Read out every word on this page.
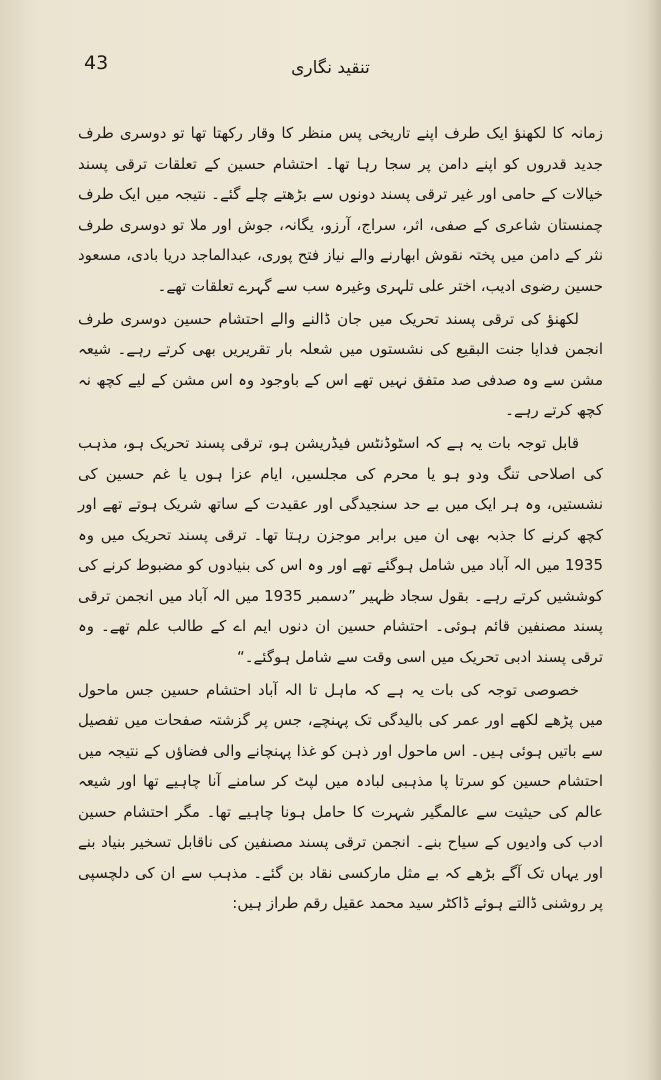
43	تنقید نگاری

زمانہ کا لکھنؤ ایک طرف اپنے تاریخی پس منظر کا وقار رکھتا تھا تو دوسری طرف جدید قدروں کو اپنے دامن پر سجا رہا تھا۔ احتشام حسین کے تعلقات ترقی پسند خیالات کے حامی اور غیر ترقی پسند دونوں سے بڑھتے چلے گئے۔ نتیجہ میں ایک طرف چمنستان شاعری کے صفی، اثر، سراج، آرزو، یگانہ، جوش اور ملا تو دوسری طرف نثر کے دامن میں پختہ نقوش ابھارنے والے نیاز فتح پوری، عبدالماجد دریا بادی، مسعود حسین رضوی ادیب، اختر علی تلہری وغیرہ سب سے گہرے تعلقات تھے۔

لکھنؤ کی ترقی پسند تحریک میں جان ڈالنے والے احتشام حسین دوسری طرف انجمن فدایا جنت البقیع کی نشستوں میں شعلہ بار تقریریں بھی کرتے رہے۔ شیعہ مشن سے وہ صدفی صد متفق نہیں تھے اس کے باوجود وہ اس مشن کے لیے کچھ نہ کچھ کرتے رہے۔

قابل توجہ بات یہ ہے کہ اسٹوڈنٹس فیڈریشن ہو، ترقی پسند تحریک ہو، مذہب کی اصلاحی تنگ ودو ہو یا محرم کی مجلسیں، ایام عزا ہوں یا غم حسین کی نشستیں، وہ ہر ایک میں بے حد سنجیدگی اور عقیدت کے ساتھ شریک ہوتے تھے اور کچھ کرنے کا جذبہ بھی ان میں برابر موجزن رہتا تھا۔ ترقی پسند تحریک میں وہ 1935 میں الہ آباد میں شامل ہوگئے تھے اور وہ اس کی بنیادوں کو مضبوط کرنے کی کوششیں کرتے رہے۔ بقول سجاد ظہیر ”دسمبر 1935 میں الہ آباد میں انجمن ترقی پسند مصنفین قائم ہوئی۔ احتشام حسین ان دنوں ایم اے کے طالب علم تھے۔ وہ ترقی پسند ادبی تحریک میں اسی وقت سے شامل ہوگئے۔“

خصوصی توجہ کی بات یہ ہے کہ ماہل تا الہ آباد احتشام حسین جس ماحول میں پڑھے لکھے اور عمر کی بالیدگی تک پہنچے، جس پر گزشتہ صفحات میں تفصیل سے باتیں ہوئی ہیں۔ اس ماحول اور ذہن کو غذا پہنچانے والی فضاؤں کے نتیجہ میں احتشام حسین کو سرتا پا مذہبی لبادہ میں لپٹ کر سامنے آنا چاہیے تھا اور شیعہ عالم کی حیثیت سے عالمگیر شہرت کا حامل ہونا چاہیے تھا۔ مگر احتشام حسین ادب کی وادیوں کے سیاح بنے۔ انجمن ترقی پسند مصنفین کی ناقابل تسخیر بنیاد بنے اور یہاں تک آگے بڑھے کہ بے مثل مارکسی نقاد بن گئے۔ مذہب سے ان کی دلچسپی پر روشنی ڈالتے ہوئے ڈاکٹر سید محمد عقیل رقم طراز ہیں:
